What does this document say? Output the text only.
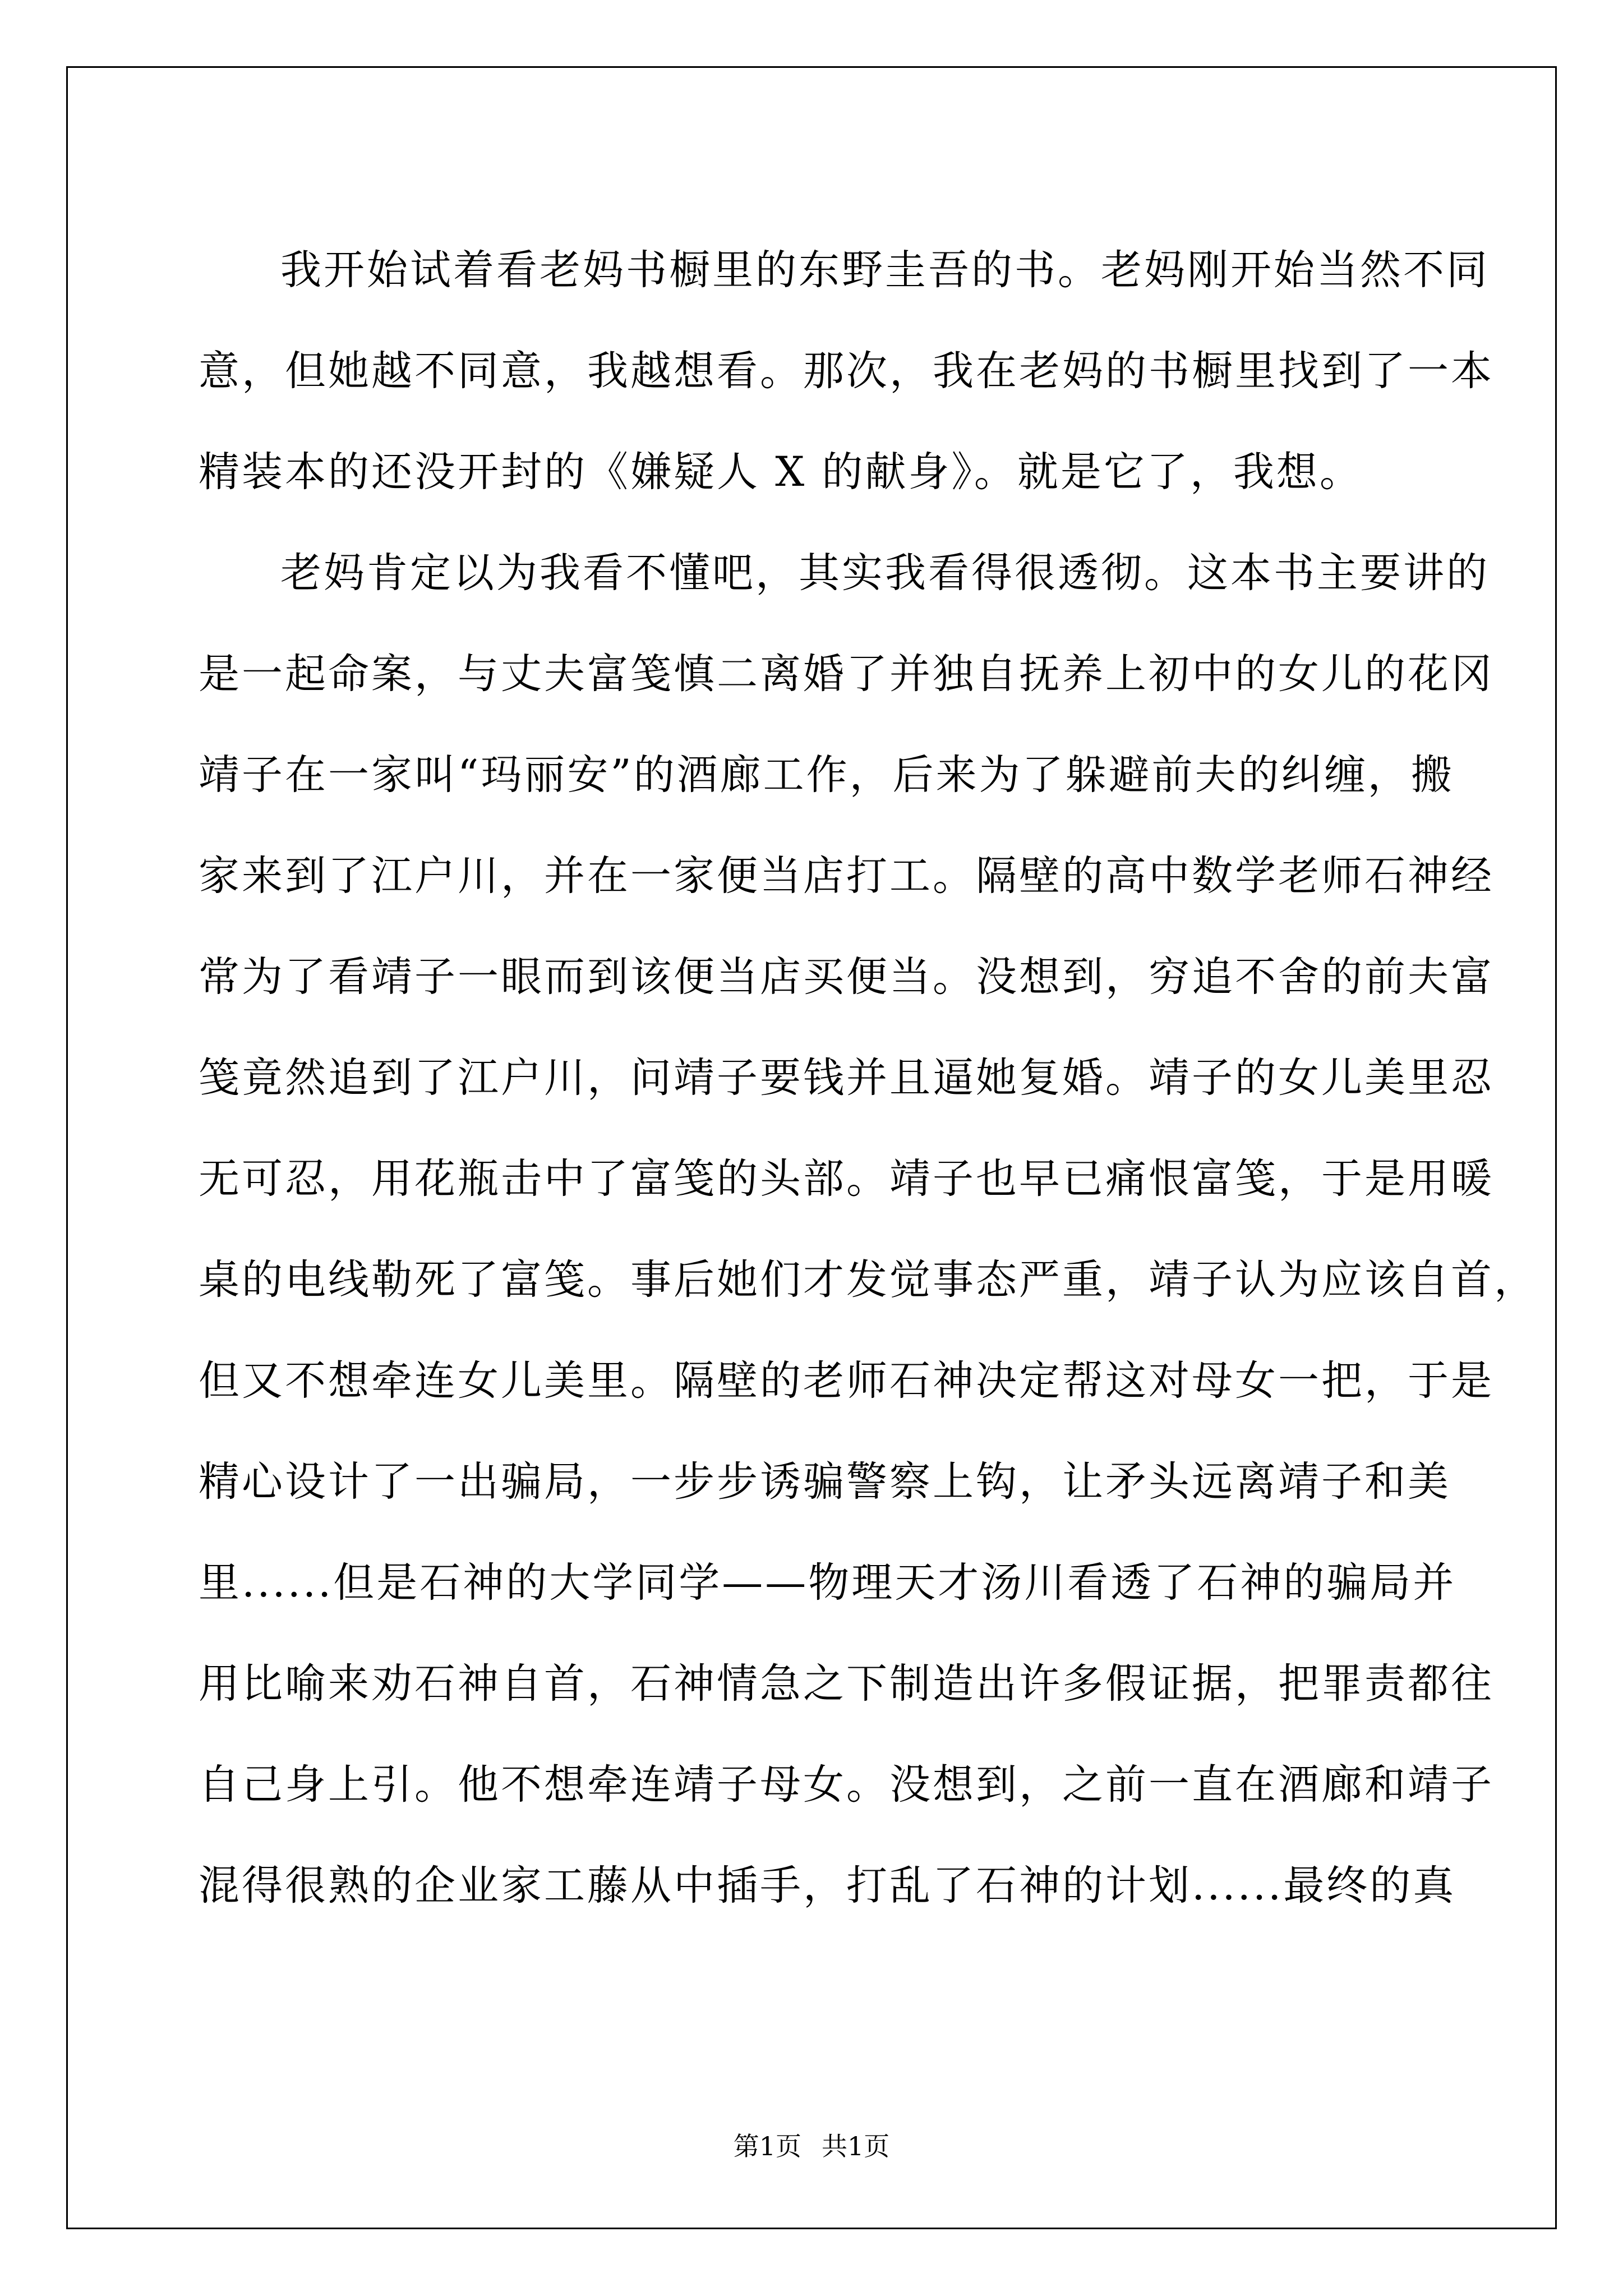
我开始试着看老妈书橱里的东野圭吾的书。老妈刚开始当然不同
意，但她越不同意，我越想看。那次，我在老妈的书橱里找到了一本
精装本的还没开封的《嫌疑人 X 的献身》。就是它了，我想。
老妈肯定以为我看不懂吧，其实我看得很透彻。这本书主要讲的
是一起命案，与丈夫富笺慎二离婚了并独自抚养上初中的女儿的花冈
靖子在一家叫“玛丽安”的酒廊工作，后来为了躲避前夫的纠缠，搬
家来到了江户川，并在一家便当店打工。隔壁的高中数学老师石神经
常为了看靖子一眼而到该便当店买便当。没想到，穷追不舍的前夫富
笺竟然追到了江户川，问靖子要钱并且逼她复婚。靖子的女儿美里忍
无可忍，用花瓶击中了富笺的头部。靖子也早已痛恨富笺，于是用暖
桌的电线勒死了富笺。事后她们才发觉事态严重，靖子认为应该自首，
但又不想牵连女儿美里。隔壁的老师石神决定帮这对母女一把，于是
精心设计了一出骗局，一步步诱骗警察上钩，让矛头远离靖子和美
里......但是石神的大学同学——物理天才汤川看透了石神的骗局并
用比喻来劝石神自首，石神情急之下制造出许多假证据，把罪责都往
自己身上引。他不想牵连靖子母女。没想到，之前一直在酒廊和靖子
混得很熟的企业家工藤从中插手，打乱了石神的计划......最终的真
第1页 共1页
